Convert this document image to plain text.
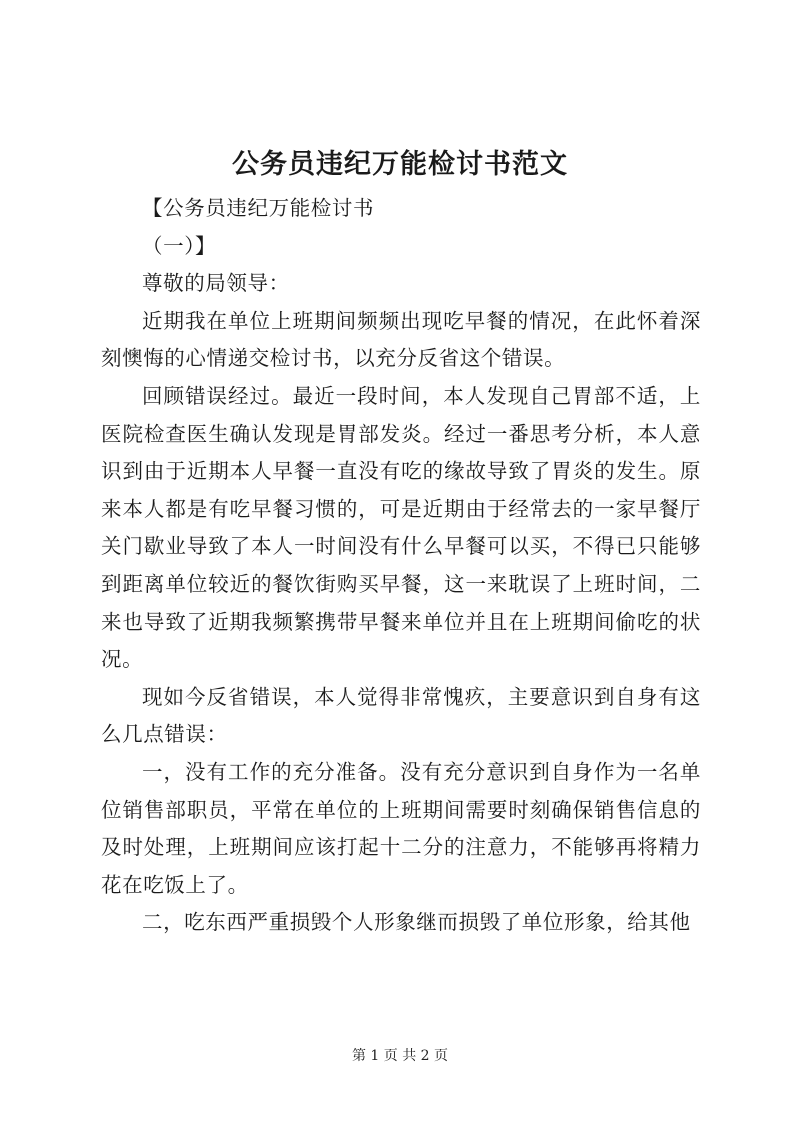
公务员违纪万能检讨书范文

【公务员违纪万能检讨书

（一）】

尊敬的局领导：

近期我在单位上班期间频频出现吃早餐的情况，在此怀着深刻懊悔的心情递交检讨书，以充分反省这个错误。

回顾错误经过。最近一段时间，本人发现自己胃部不适，上医院检查医生确认发现是胃部发炎。经过一番思考分析，本人意识到由于近期本人早餐一直没有吃的缘故导致了胃炎的发生。原来本人都是有吃早餐习惯的，可是近期由于经常去的一家早餐厅关门歇业导致了本人一时间没有什么早餐可以买，不得已只能够到距离单位较近的餐饮街购买早餐，这一来耽误了上班时间，二来也导致了近期我频繁携带早餐来单位并且在上班期间偷吃的状况。

现如今反省错误，本人觉得非常愧疚，主要意识到自身有这么几点错误：

一，没有工作的充分准备。没有充分意识到自身作为一名单位销售部职员，平常在单位的上班期间需要时刻确保销售信息的及时处理，上班期间应该打起十二分的注意力，不能够再将精力花在吃饭上了。

二，吃东西严重损毁个人形象继而损毁了单位形象，给其他

第 1 页 共 2 页
